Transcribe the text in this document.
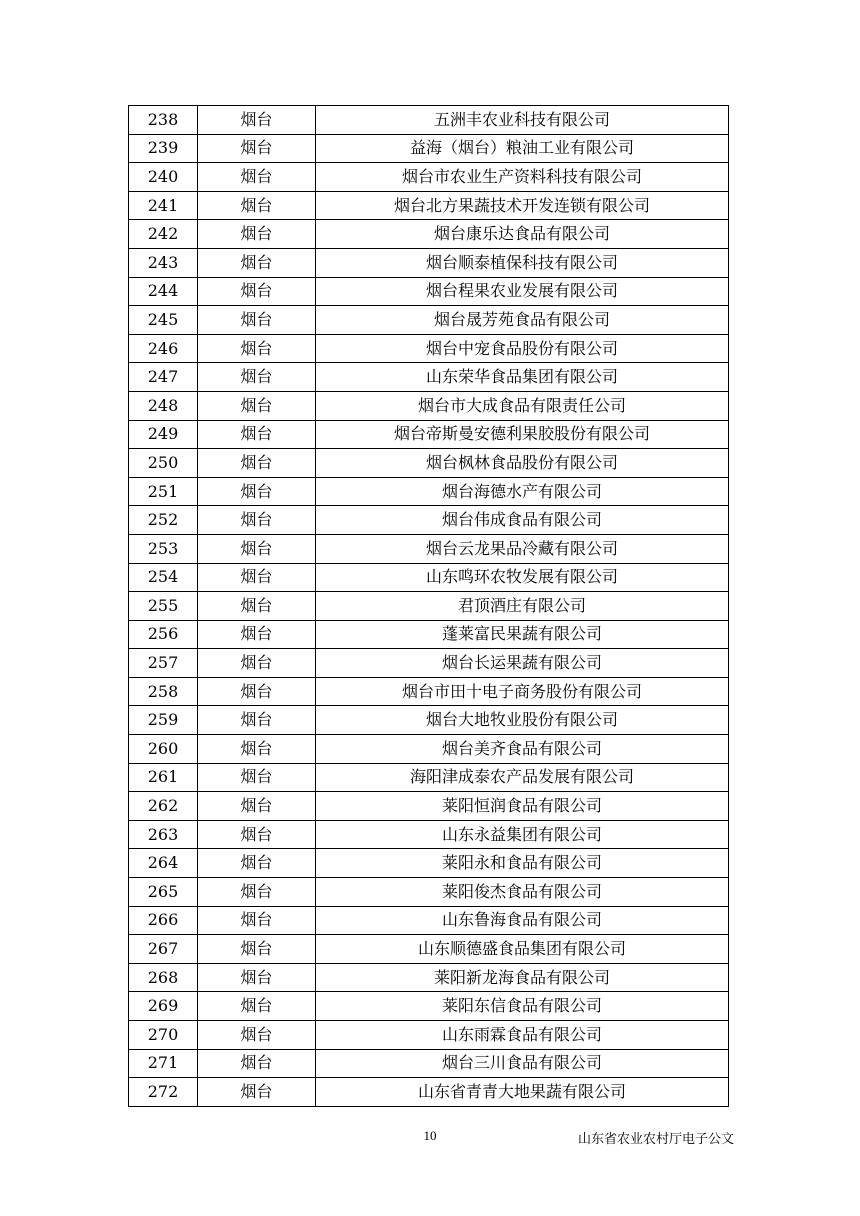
238	烟台	五洲丰农业科技有限公司
239	烟台	益海（烟台）粮油工业有限公司
240	烟台	烟台市农业生产资料科技有限公司
241	烟台	烟台北方果蔬技术开发连锁有限公司
242	烟台	烟台康乐达食品有限公司
243	烟台	烟台顺泰植保科技有限公司
244	烟台	烟台程果农业发展有限公司
245	烟台	烟台晟芳苑食品有限公司
246	烟台	烟台中宠食品股份有限公司
247	烟台	山东荣华食品集团有限公司
248	烟台	烟台市大成食品有限责任公司
249	烟台	烟台帝斯曼安德利果胶股份有限公司
250	烟台	烟台枫林食品股份有限公司
251	烟台	烟台海德水产有限公司
252	烟台	烟台伟成食品有限公司
253	烟台	烟台云龙果品冷藏有限公司
254	烟台	山东鸣环农牧发展有限公司
255	烟台	君顶酒庄有限公司
256	烟台	蓬莱富民果蔬有限公司
257	烟台	烟台长运果蔬有限公司
258	烟台	烟台市田十电子商务股份有限公司
259	烟台	烟台大地牧业股份有限公司
260	烟台	烟台美齐食品有限公司
261	烟台	海阳津成泰农产品发展有限公司
262	烟台	莱阳恒润食品有限公司
263	烟台	山东永益集团有限公司
264	烟台	莱阳永和食品有限公司
265	烟台	莱阳俊杰食品有限公司
266	烟台	山东鲁海食品有限公司
267	烟台	山东顺德盛食品集团有限公司
268	烟台	莱阳新龙海食品有限公司
269	烟台	莱阳东信食品有限公司
270	烟台	山东雨霖食品有限公司
271	烟台	烟台三川食品有限公司
272	烟台	山东省青青大地果蔬有限公司
10	山东省农业农村厅电子公文
